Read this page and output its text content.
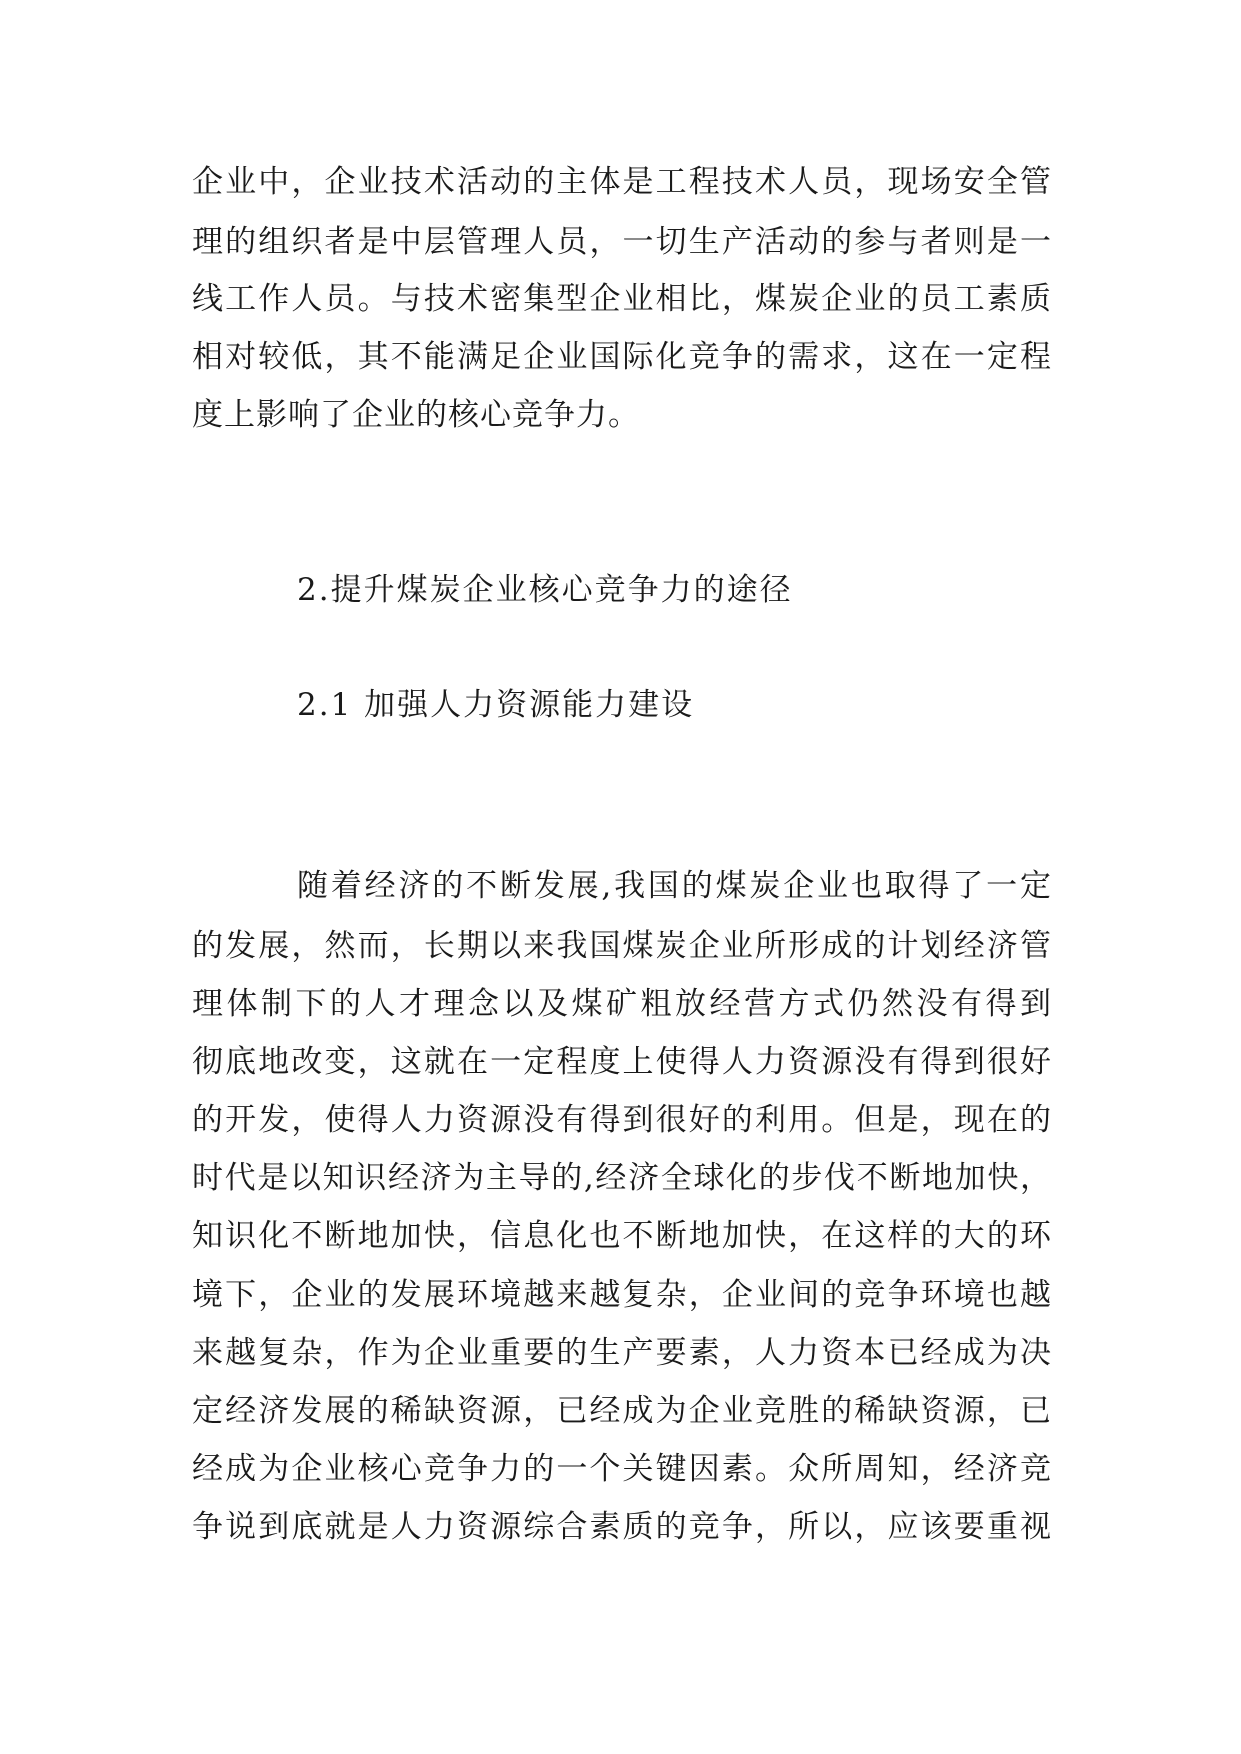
企业中，企业技术活动的主体是工程技术人员，现场安全管
理的组织者是中层管理人员，一切生产活动的参与者则是一
线工作人员。与技术密集型企业相比，煤炭企业的员工素质
相对较低，其不能满足企业国际化竞争的需求，这在一定程
度上影响了企业的核心竞争力。
2.提升煤炭企业核心竞争力的途径
2.1 加强人力资源能力建设
随着经济的不断发展,我国的煤炭企业也取得了一定
的发展，然而，长期以来我国煤炭企业所形成的计划经济管
理体制下的人才理念以及煤矿粗放经营方式仍然没有得到
彻底地改变，这就在一定程度上使得人力资源没有得到很好
的开发，使得人力资源没有得到很好的利用。但是，现在的
时代是以知识经济为主导的,经济全球化的步伐不断地加快，
知识化不断地加快，信息化也不断地加快，在这样的大的环
境下，企业的发展环境越来越复杂，企业间的竞争环境也越
来越复杂，作为企业重要的生产要素，人力资本已经成为决
定经济发展的稀缺资源，已经成为企业竞胜的稀缺资源，已
经成为企业核心竞争力的一个关键因素。众所周知，经济竞
争说到底就是人力资源综合素质的竞争，所以，应该要重视
